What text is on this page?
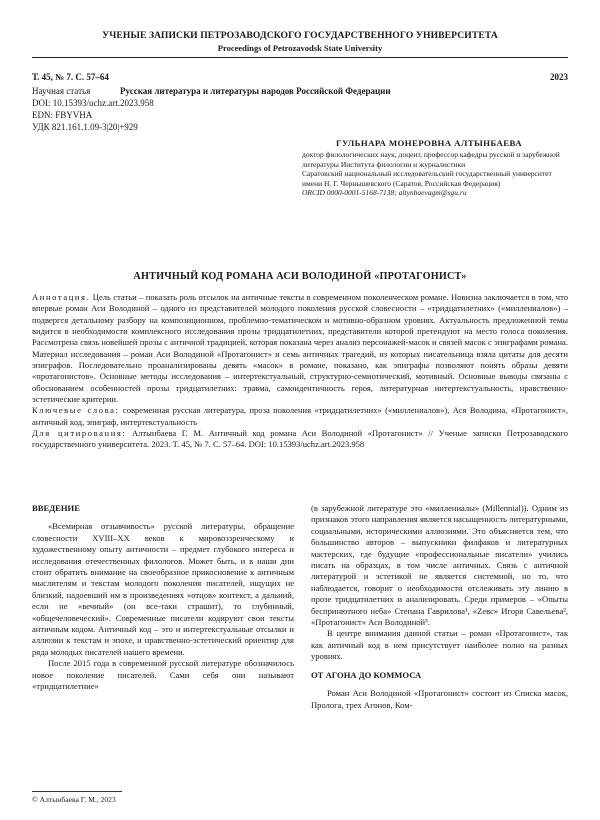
УЧЕНЫЕ ЗАПИСКИ ПЕТРОЗАВОДСКОГО ГОСУДАРСТВЕННОГО УНИВЕРСИТЕТА
Proceedings of Petrozavodsk State University
Т. 45, № 7. С. 57–64	2023
Научная статья	Русская литература и литературы народов Российской Федерации
DOI: 10.15393/uchz.art.2023.958
EDN: FBYVHA
УДК 821.161.1.09-3|20|+929
ГУЛЬНАРА МОНЕРОВНА АЛТЫНБАЕВА
доктор филологических наук, доцент, профессор кафедры русской и зарубежной литературы Института филологии и журналистики
Саратовский национальный исследовательский государственный университет имени Н. Г. Чернышевского (Саратов, Российская Федерация)
ORCID 0000-0001-5168-7138; altynbaevagm@sgu.ru
АНТИЧНЫЙ КОД РОМАНА АСИ ВОЛОДИНОЙ «ПРОТАГОНИСТ»

Аннотация. Цель статьи – показать роль отсылок на античные тексты в современном поколенческом романе. Новизна заключается в том, что впервые роман Аси Володиной – одного из представителей молодого поколения русской словесности – «тридцатилетних» («миллениалов») – подвергся детальному разбору на композиционном, проблемно-тематическом и мотивно-образном уровнях. Актуальность предложенной темы видится в необходимости комплексного исследования прозы тридцатилетних, представители которой претендуют на место голоса поколения. Рассмотрена связь новейшей прозы с античной традицией, которая показана через анализ персонажей-масок и связей масок с эпиграфами романа. Материал исследования – роман Аси Володиной «Протагонист» и семь античных трагедий, из которых писательница взяла цитаты для десяти эпиграфов. Последовательно проанализированы девять «масок» в романе, показано, как эпиграфы позволяют понять образы девяти «протагонистов». Основные методы исследования – интертекстуальный, структурно-семиотический, мотивный. Основные выводы связаны с обоснованием особенностей прозы тридцатилетних: травма, самоидентичность героя, литературная интертекстуальность, нравственно-эстетические критерии.

Ключевые слова: современная русская литература, проза поколения «тридцатилетних» («миллениалов»), Ася Володина, «Протагонист», античный код, эпиграф, интертекстуальность

Для цитирования: Алтынбаева Г. М. Античный код романа Аси Володиной «Протагонист» // Ученые записки Петрозаводского государственного университета. 2023. Т. 45, № 7. С. 57–64. DOI: 10.15393/uchz.art.2023.958

ВВЕДЕНИЕ

«Всемирная отзывчивость» русской литературы, обращение словесности XVIII–XX веков к мировоззренческому и художественному опыту античности – предмет глубокого интереса и исследования отечественных филологов. Может быть, и в наши дни стоит обратить внимание на своеобразное прикосновение к античным мыслителям и текстам молодого поколения писателей, ищущих не близкий, надоевший им в произведениях «отцов» контекст, а дальний, если не «вечный» (он все-таки страшит), то глубинный, «общечеловеческий». Современные писатели кодируют свои тексты античным кодом. Античный код – это и интертекстуальные отсылки и аллюзии к текстам и эпохе, и нравственно-эстетический ориентир для ряда молодых писателей нашего времени.

После 2015 года в современной русской литературе обозначилось новое поколение писателей. Сами себя они называют «тридцатилетние»

(в зарубежной литературе это «миллениалы» (Millennial)). Одним из признаков этого направления является насыщенность литературными, социальными, историческими аллюзиями. Это объясняется тем, что большинство авторов – выпускники филфаков и литературных мастерских, где будущие «профессиональные писатели» учились писать на образцах, в том числе античных. Связь с античной литературой и эстетикой не является системной, но то, что наблюдается, говорит о необходимости отслеживать эту линию в прозе тридцатилетних и анализировать. Среди примеров – «Опыты беспринютного неба» Степана Гаврилова¹, «Zeвс» Игоря Савельева², «Протагонист» Аси Володиной³.

В центре внимания данной статьи – роман «Протагонист», так как античный код в нем присутствует наиболее полно на разных уровнях.

ОТ АГОНА ДО КОММОСА

Роман Аси Володиной «Протагонист» состоит из Списка масок, Пролога, трех Агонов, Ком-

© Алтынбаева Г. М., 2023
